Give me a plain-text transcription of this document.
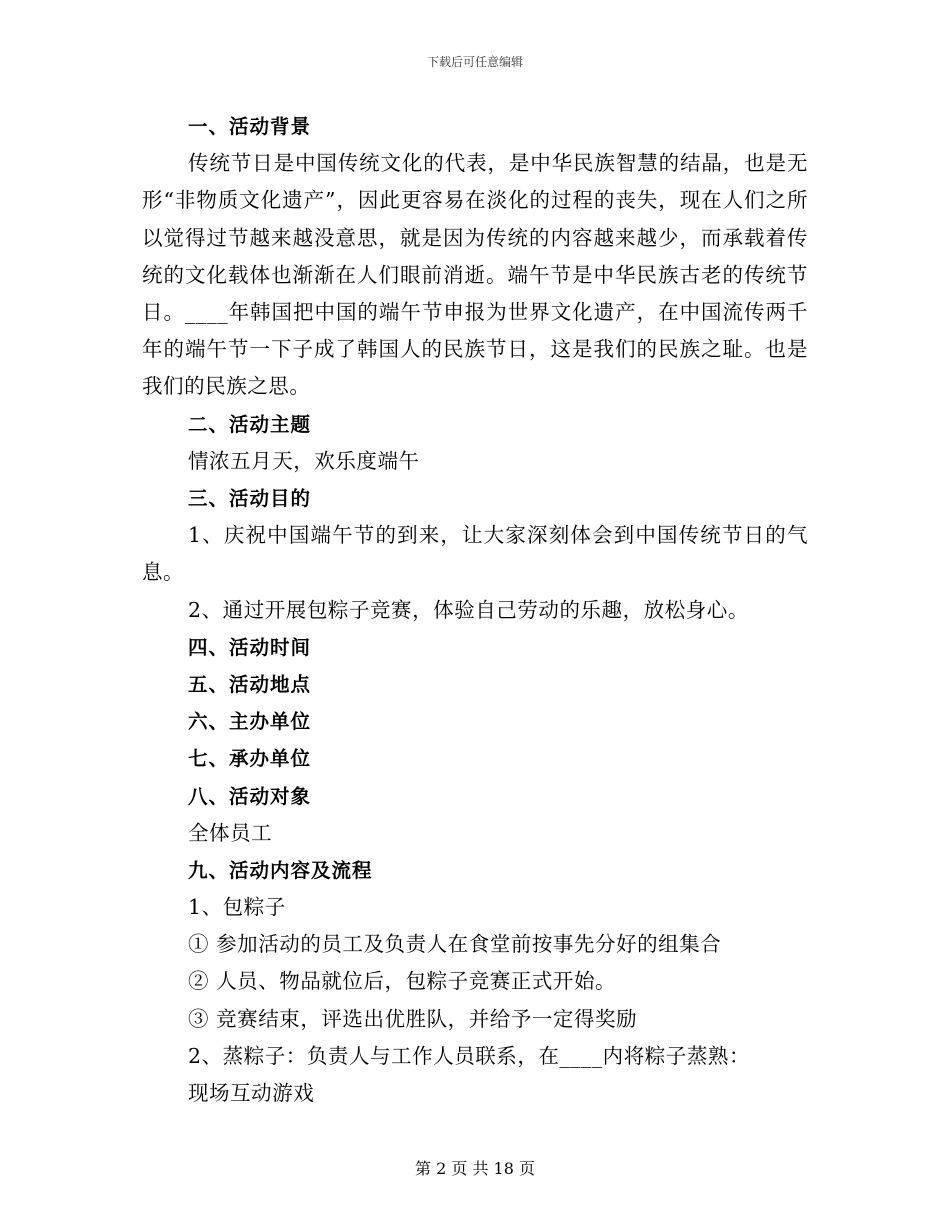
下载后可任意编辑
一、活动背景
传统节日是中国传统文化的代表，是中华民族智慧的结晶，也是无形“非物质文化遗产”，因此更容易在淡化的过程的丧失，现在人们之所以觉得过节越来越没意思，就是因为传统的内容越来越少，而承载着传统的文化载体也渐渐在人们眼前消逝。端午节是中华民族古老的传统节日。____年韩国把中国的端午节申报为世界文化遗产，在中国流传两千年的端午节一下子成了韩国人的民族节日，这是我们的民族之耻。也是我们的民族之思。
二、活动主题
情浓五月天，欢乐度端午
三、活动目的
1、庆祝中国端午节的到来，让大家深刻体会到中国传统节日的气息。
2、通过开展包粽子竞赛，体验自己劳动的乐趣，放松身心。
四、活动时间
五、活动地点
六、主办单位
七、承办单位
八、活动对象
全体员工
九、活动内容及流程
1、包粽子
① 参加活动的员工及负责人在食堂前按事先分好的组集合
② 人员、物品就位后，包粽子竞赛正式开始。
③ 竞赛结束，评选出优胜队，并给予一定得奖励
2、蒸粽子：负责人与工作人员联系，在____内将粽子蒸熟：
现场互动游戏
第 2 页 共 18 页
